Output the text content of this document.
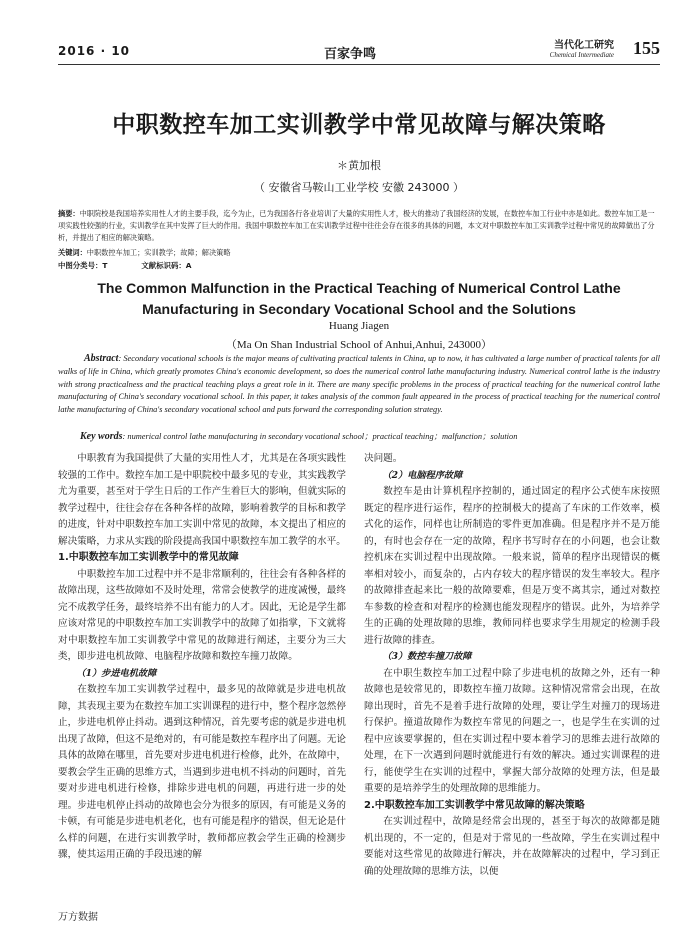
2016 · 10	百家争鸣
当代化工研究
Chemical Intermediate 155
中职数控车加工实训教学中常见故障与解决策略
＊黄加根
（ 安徽省马鞍山工业学校 安徽 243000 ）
摘要：中职院校是我国培养实用性人才的主要手段，迄今为止，已为我国各行各业培训了大量的实用性人才，极大的推动了我国经济的发展，在数控车加工行业中亦是如此。数控车加工是一项实践性较强的行业，实训教学在其中发挥了巨大的作用。我国中职数控车加工在实训教学过程中往往会存在很多的具体的问题，本文对中职数控车加工实训教学过程中常见的故障做出了分析，并提出了相应的解决策略。
关键词：中职数控车加工；实训教学；故障；解决策略
中图分类号：T	文献标识码：A
The Common Malfunction in the Practical Teaching of Numerical Control Lathe
Manufacturing in Secondary Vocational School and the Solutions
Huang Jiagen
（Ma On Shan Industrial School of Anhui,Anhui, 243000）
Abstract: Secondary vocational schools is the major means of cultivating practical talents in China, up to now, it has cultivated a large number of practical talents for all walks of life in China, which greatly promotes China's economic development, so does the numerical control lathe manufacturing industry. Numerical control lathe is the industry with strong practicalness and the practical teaching plays a great role in it. There are many specific problems in the process of practical teaching for the numerical control lathe manufacturing of China's secondary vocational school. In this paper, it takes analysis of the common fault appeared in the process of practical teaching for the numerical control lathe manufacturing of China's secondary vocational school and puts forward the corresponding solution strategy.
Key words: numerical control lathe manufacturing in secondary vocational school；practical teaching；malfunction；solution

中职教育为我国提供了大量的实用性人才，尤其是在各项实践性较强的工作中。数控车加工是中职院校中最多见的专业，其实践教学尤为重要，甚至对于学生日后的工作产生着巨大的影响，但就实际的教学过程中，往往会存在各种各样的故障，影响着教学的目标和教学的进度，针对中职数控车加工实训中常见的故障，本文提出了相应的解决策略，力求从实践的阶段提高我国中职数控车加工教学的水平。

1.中职数控车加工实训教学中的常见故障

中职数控车加工过程中并不是非常顺利的，往往会有各种各样的故障出现，这些故障如不及时处理，常常会使教学的进度减慢，最终完不成教学任务，最终培养不出有能力的人才。因此，无论是学生都应该对常见的中职数控车加工实训教学中的故障了如指掌，下文就将对中职数控车加工实训教学中常见的故障进行阐述，主要分为三大类，即步进电机故障、电脑程序故障和数控车撞刀故障。

（1）步进电机故障

在数控车加工实训教学过程中，最多见的故障就是步进电机故障，其表现主要为在数控车加工实训课程的进行中，整个程序忽然停止，步进电机停止抖动。遇到这种情况，首先要考虑的就是步进电机出现了故障，但这不是绝对的，有可能是数控车程序出了问题。无论具体的故障在哪里，首先要对步进电机进行检修，此外，在故障中，要教会学生正确的思维方式，当遇到步进电机不抖动的问题时，首先要对步进电机进行检修，排除步进电机的问题，再进行进一步的处理。步进电机停止抖动的故障也会分为很多的原因，有可能是义务的卡顿，有可能是步进电机老化，也有可能是程序的错误，但无论是什么样的问题，在进行实训教学时，教师都应教会学生正确的检测步骤，使其运用正确的手段迅速的解

决问题。

（2）电脑程序故障

数控车是由计算机程序控制的，通过固定的程序公式使车床按照既定的程序进行运作，程序的控制极大的提高了车床的工作效率，模式化的运作，同样也让所制造的零件更加准确。但是程序并不是万能的，有时也会存在一定的故障，程序书写时存在的小问题，也会让数控机床在实训过程中出现故障。一般来说，简单的程序出现错误的概率相对较小，而复杂的，占内存较大的程序错误的发生率较大。程序的故障排查起来比一般的故障要难，但是万变不离其宗，通过对数控车参数的检查和对程序的检测也能发现程序的错误。此外，为培养学生的正确的处理故障的思维，教师同样也要求学生用规定的检测手段进行故障的排查。

（3）数控车撞刀故障

在中职生数控车加工过程中除了步进电机的故障之外，还有一种故障也是较常见的，即数控车撞刀故障。这种情况常常会出现，在故障出现时，首先不是着手进行故障的处理，要让学生对撞刀的现场进行保护。撞道故障作为数控车常见的问题之一，也是学生在实训的过程中应该要掌握的，但在实训过程中要本着学习的思维去进行故障的处理，在下一次遇到问题时就能进行有效的解决。通过实训课程的进行，能使学生在实训的过程中，掌握大部分故障的处理方法，但是最重要的是培养学生的处理故障的思维能力。

2.中职数控车加工实训教学中常见故障的解决策略

在实训过程中，故障是经常会出现的，甚至于每次的故障都是随机出现的，不一定的，但是对于常见的一些故障，学生在实训过程中要能对这些常见的故障进行解决，并在故障解决的过程中，学习到正确的处理故障的思维方法，以便

万方数据
